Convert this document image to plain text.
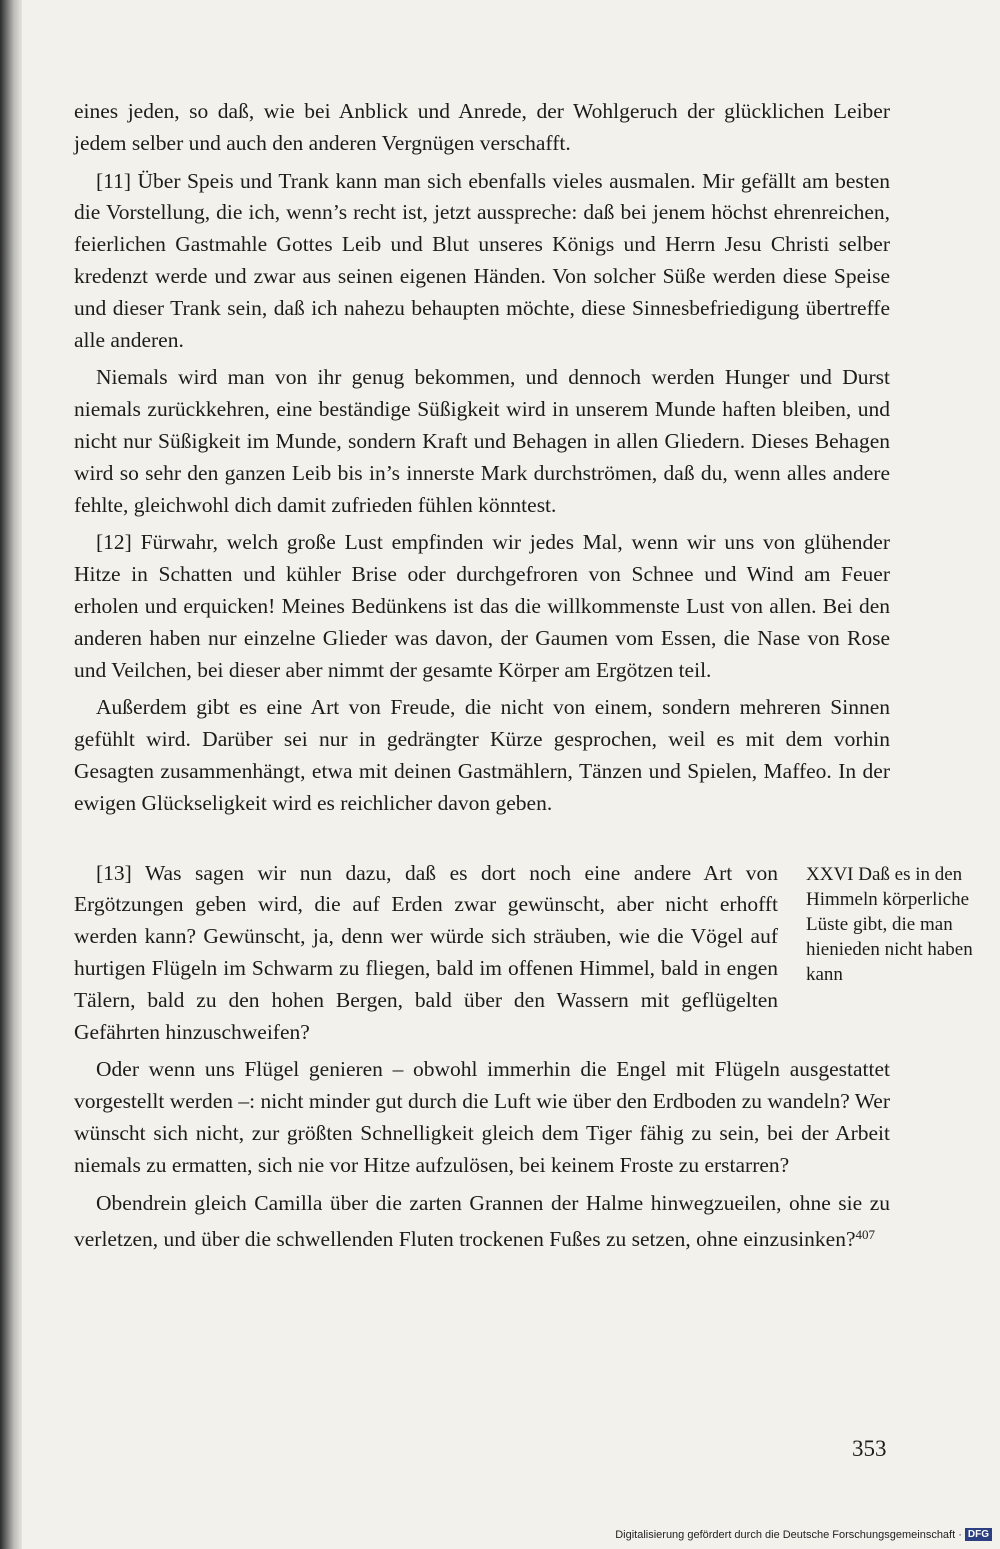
eines jeden, so daß, wie bei Anblick und Anrede, der Wohlgeruch der glücklichen Leiber jedem selber und auch den anderen Vergnügen verschafft.

[11] Über Speis und Trank kann man sich ebenfalls vieles ausmalen. Mir gefällt am besten die Vorstellung, die ich, wenn’s recht ist, jetzt ausspreche: daß bei jenem höchst ehrenreichen, feierlichen Gastmahle Gottes Leib und Blut unseres Königs und Herrn Jesu Christi selber kredenzt werde und zwar aus seinen eigenen Händen. Von solcher Süße werden diese Speise und dieser Trank sein, daß ich nahezu behaupten möchte, diese Sinnesbefriedigung übertreffe alle anderen.

Niemals wird man von ihr genug bekommen, und dennoch werden Hunger und Durst niemals zurückkehren, eine beständige Süßigkeit wird in unserem Munde haften bleiben, und nicht nur Süßigkeit im Munde, sondern Kraft und Behagen in allen Gliedern. Dieses Behagen wird so sehr den ganzen Leib bis in’s innerste Mark durchströmen, daß du, wenn alles andere fehlte, gleichwohl dich damit zufrieden fühlen könntest.

[12] Fürwahr, welch große Lust empfinden wir jedes Mal, wenn wir uns von glühender Hitze in Schatten und kühler Brise oder durchgefroren von Schnee und Wind am Feuer erholen und erquicken! Meines Bedünkens ist das die willkommenste Lust von allen. Bei den anderen haben nur einzelne Glieder was davon, der Gaumen vom Essen, die Nase von Rose und Veilchen, bei dieser aber nimmt der gesamte Körper am Ergötzen teil.

Außerdem gibt es eine Art von Freude, die nicht von einem, sondern mehreren Sinnen gefühlt wird. Darüber sei nur in gedrängter Kürze gesprochen, weil es mit dem vorhin Gesagten zusammenhängt, etwa mit deinen Gastmählern, Tänzen und Spielen, Maffeo. In der ewigen Glückseligkeit wird es reichlicher davon geben.

[13] Was sagen wir nun dazu, daß es dort noch eine andere Art von Ergötzungen geben wird, die auf Erden zwar gewünscht, aber nicht erhofft werden kann? Gewünscht, ja, denn wer würde sich sträuben, wie die Vögel auf hurtigen Flügeln im Schwarm zu fliegen, bald im offenen Himmel, bald in engen Tälern, bald zu den hohen Bergen, bald über den Wassern mit geflügelten Gefährten hinzuschweifen?

XXVI Daß es in den Himmeln körperliche Lüste gibt, die man hienieden nicht haben kann

Oder wenn uns Flügel genieren – obwohl immerhin die Engel mit Flügeln ausgestattet vorgestellt werden –: nicht minder gut durch die Luft wie über den Erdboden zu wandeln? Wer wünscht sich nicht, zur größten Schnelligkeit gleich dem Tiger fähig zu sein, bei der Arbeit niemals zu ermatten, sich nie vor Hitze aufzulösen, bei keinem Froste zu erstarren?

Obendrein gleich Camilla über die zarten Grannen der Halme hinwegzueilen, ohne sie zu verletzen, und über die schwellenden Fluten trockenen Fußes zu setzen, ohne einzusinken?$^{407}$

353
Digitalisierung gefördert durch die Deutsche Forschungsgemeinschaft · DFG
